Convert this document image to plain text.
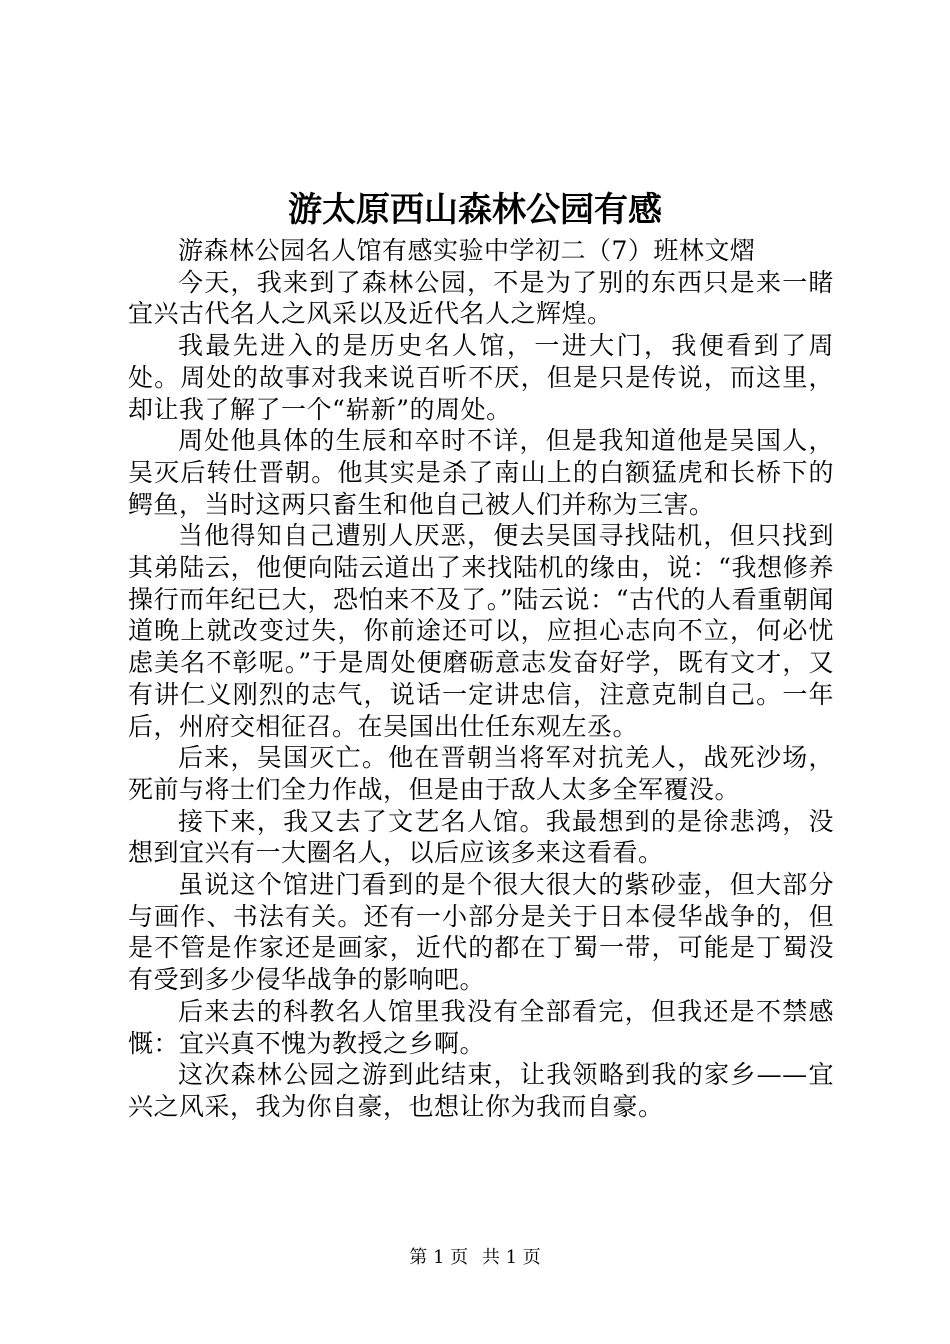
游太原西山森林公园有感

游森林公园名人馆有感实验中学初二（7）班林文熠

今天，我来到了森林公园，不是为了别的东西只是来一睹宜兴古代名人之风采以及近代名人之辉煌。

我最先进入的是历史名人馆，一进大门，我便看到了周处。周处的故事对我来说百听不厌，但是只是传说，而这里，却让我了解了一个“崭新”的周处。

周处他具体的生辰和卒时不详，但是我知道他是吴国人，吴灭后转仕晋朝。他其实是杀了南山上的白额猛虎和长桥下的鳄鱼，当时这两只畜生和他自己被人们并称为三害。

当他得知自己遭别人厌恶，便去吴国寻找陆机，但只找到其弟陆云，他便向陆云道出了来找陆机的缘由，说：“我想修养操行而年纪已大，恐怕来不及了。”陆云说：“古代的人看重朝闻道晚上就改变过失，你前途还可以，应担心志向不立，何必忧虑美名不彰呢。”于是周处便磨砺意志发奋好学，既有文才，又有讲仁义刚烈的志气，说话一定讲忠信，注意克制自己。一年后，州府交相征召。在吴国出仕任东观左丞。

后来，吴国灭亡。他在晋朝当将军对抗羌人，战死沙场，死前与将士们全力作战，但是由于敌人太多全军覆没。

接下来，我又去了文艺名人馆。我最想到的是徐悲鸿，没想到宜兴有一大圈名人，以后应该多来这看看。

虽说这个馆进门看到的是个很大很大的紫砂壶，但大部分与画作、书法有关。还有一小部分是关于日本侵华战争的，但是不管是作家还是画家，近代的都在丁蜀一带，可能是丁蜀没有受到多少侵华战争的影响吧。

后来去的科教名人馆里我没有全部看完，但我还是不禁感慨：宜兴真不愧为教授之乡啊。

这次森林公园之游到此结束，让我领略到我的家乡——宜兴之风采，我为你自豪，也想让你为我而自豪。

第 1 页 共 1 页
